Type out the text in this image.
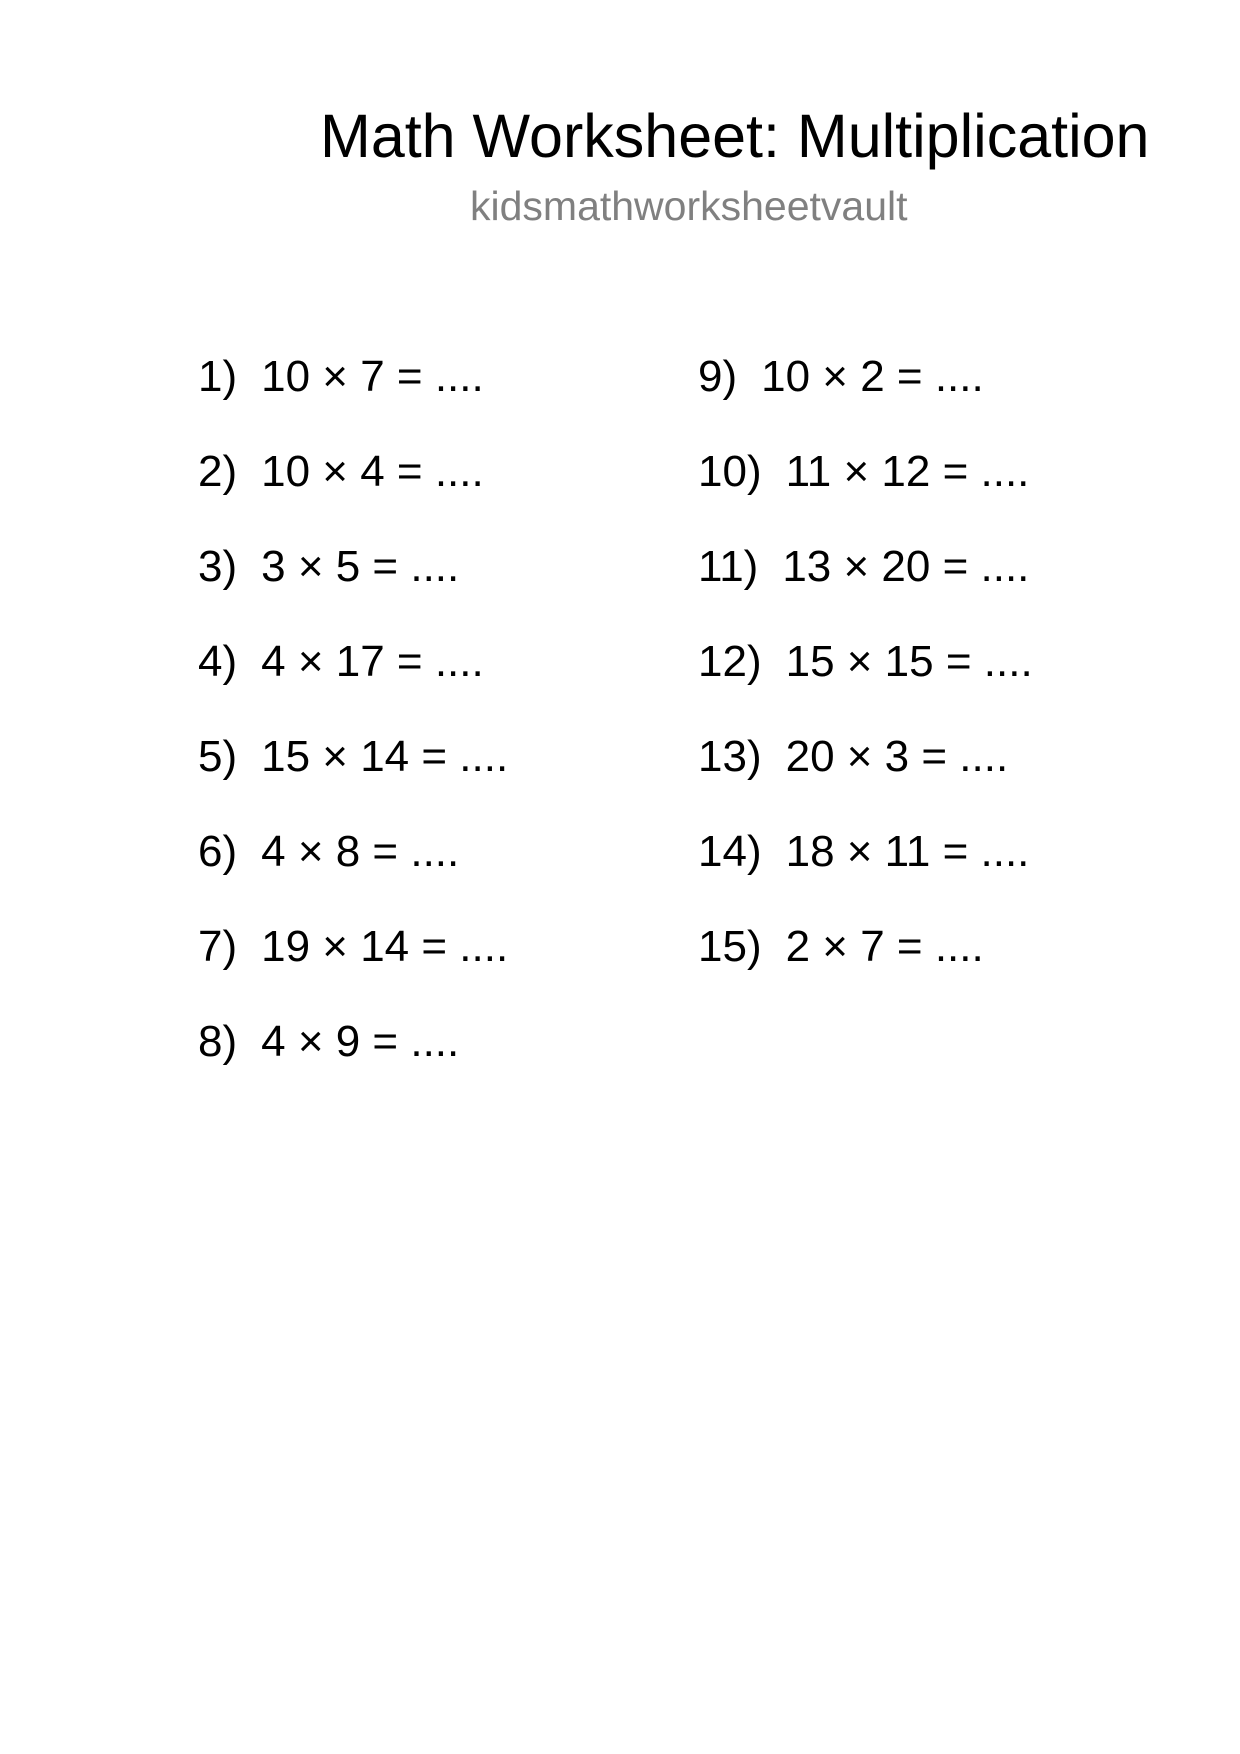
Math Worksheet: Multiplication
kidsmathworksheetvault
1) 10 × 7 = ....
2) 10 × 4 = ....
3) 3 × 5 = ....
4) 4 × 17 = ....
5) 15 × 14 = ....
6) 4 × 8 = ....
7) 19 × 14 = ....
8) 4 × 9 = ....
9) 10 × 2 = ....
10) 11 × 12 = ....
11) 13 × 20 = ....
12) 15 × 15 = ....
13) 20 × 3 = ....
14) 18 × 11 = ....
15) 2 × 7 = ....
